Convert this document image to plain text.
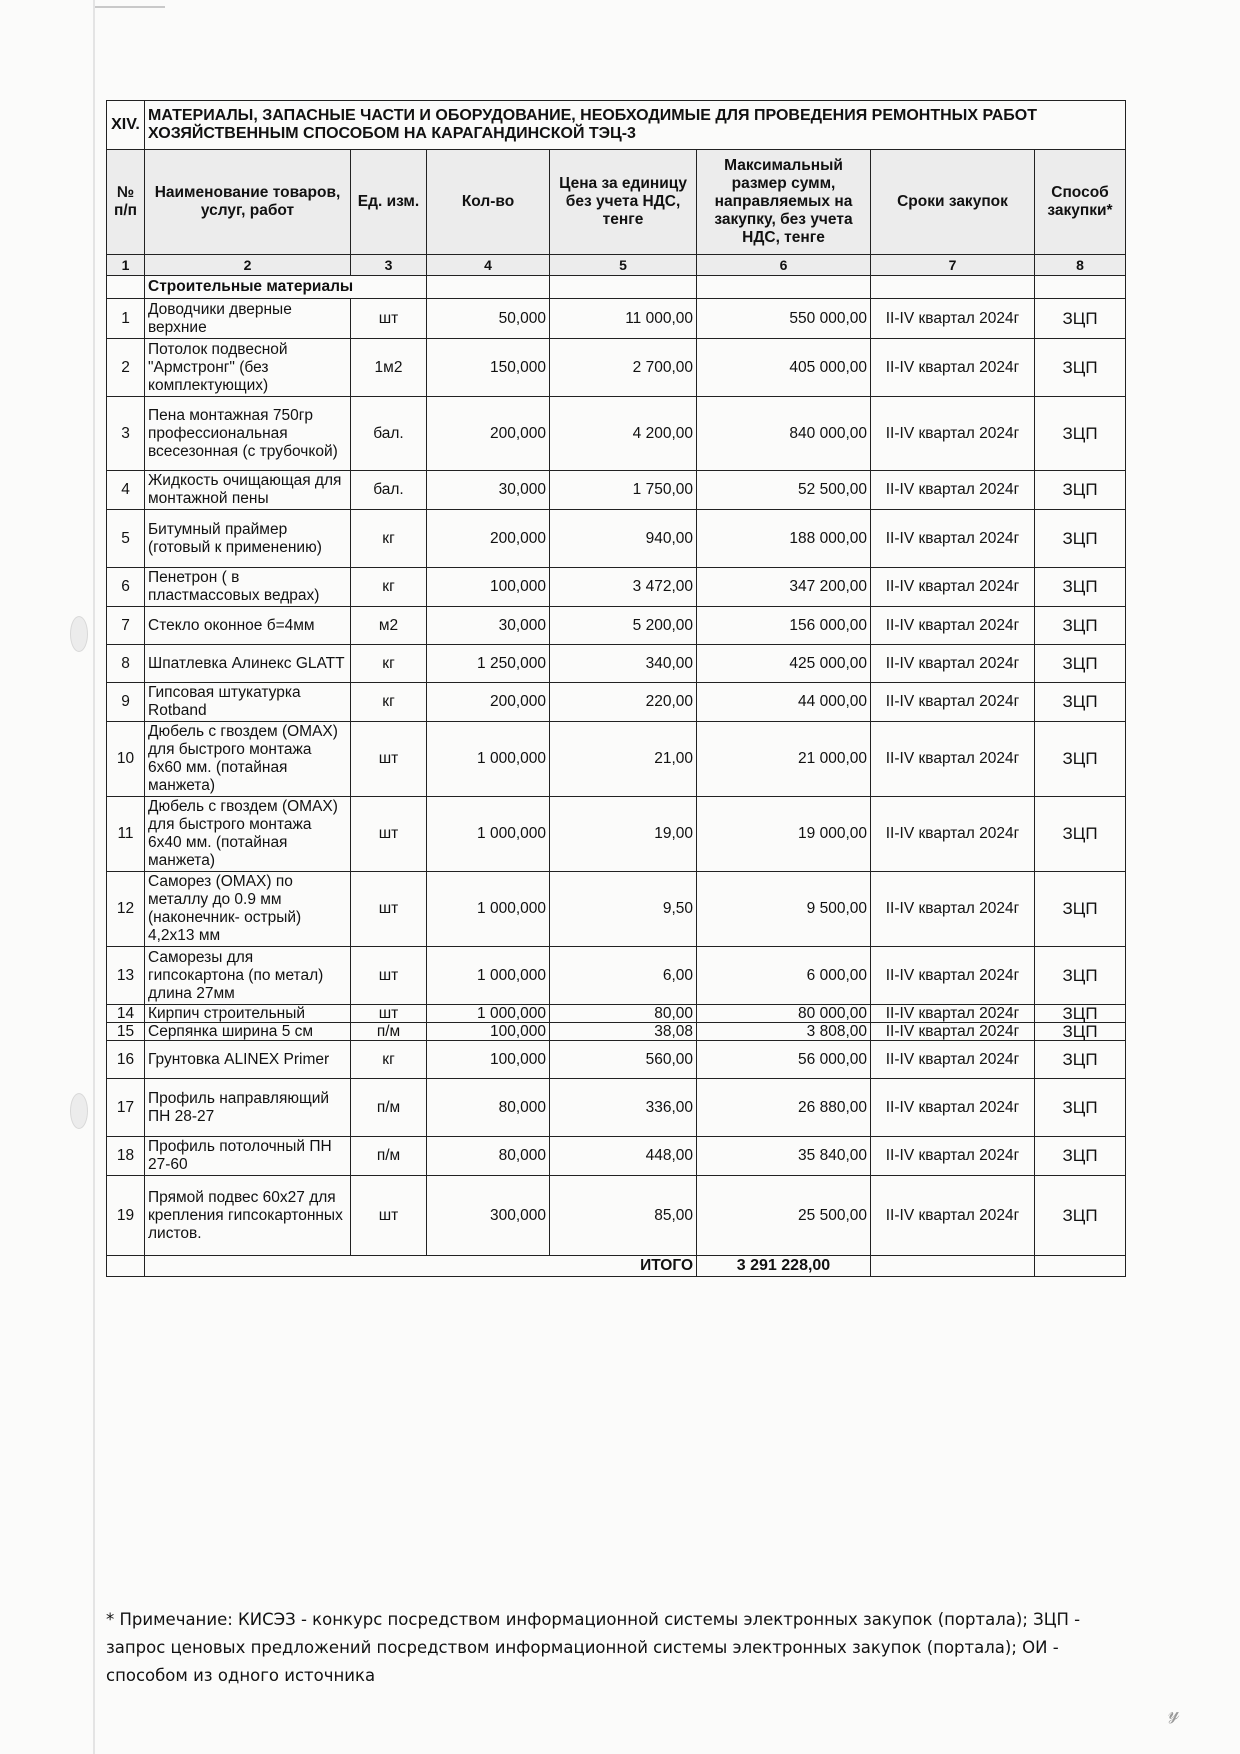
XIV.	МАТЕРИАЛЫ, ЗАПАСНЫЕ ЧАСТИ И ОБОРУДОВАНИЕ, НЕОБХОДИМЫЕ ДЛЯ ПРОВЕДЕНИЯ РЕМОНТНЫХ РАБОТ ХОЗЯЙСТВЕННЫМ СПОСОБОМ НА КАРАГАНДИНСКОЙ ТЭЦ-3						
№ п/п	Наименование товаров, услуг, работ	Ед. изм.	Кол-во	Цена за единицу без учета НДС, тенге	Максимальный размер сумм, направляемых на закупку, без учета НДС, тенге	Сроки закупок	Способ закупки*
1	2	3	4	5	6	7	8
	Строительные материалы						
1	Доводчики дверные верхние	шт	50,000	11 000,00	550 000,00	II-IV квартал 2024г	ЗЦП
2	Потолок подвесной "Армстронг" (без комплектующих)	1м2	150,000	2 700,00	405 000,00	II-IV квартал 2024г	ЗЦП
3	Пена монтажная 750гр профессиональная всесезонная (с трубочкой)	бал.	200,000	4 200,00	840 000,00	II-IV квартал 2024г	ЗЦП
4	Жидкость очищающая для монтажной пены	бал.	30,000	1 750,00	52 500,00	II-IV квартал 2024г	ЗЦП
5	Битумный праймер (готовый к применению)	кг	200,000	940,00	188 000,00	II-IV квартал 2024г	ЗЦП
6	Пенетрон ( в пластмассовых ведрах)	кг	100,000	3 472,00	347 200,00	II-IV квартал 2024г	ЗЦП
7	Стекло оконное б=4мм	м2	30,000	5 200,00	156 000,00	II-IV квартал 2024г	ЗЦП
8	Шпатлевка Алинекс GLATT	кг	1 250,000	340,00	425 000,00	II-IV квартал 2024г	ЗЦП
9	Гипсовая штукатурка Rotband	кг	200,000	220,00	44 000,00	II-IV квартал 2024г	ЗЦП
10	Дюбель с гвоздем (OMAX) для быстрого монтажа 6х60 мм. (потайная манжета)	шт	1 000,000	21,00	21 000,00	II-IV квартал 2024г	ЗЦП
11	Дюбель с гвоздем (OMAX) для быстрого монтажа 6х40 мм. (потайная манжета)	шт	1 000,000	19,00	19 000,00	II-IV квартал 2024г	ЗЦП
12	Саморез (OMAX) по металлу до 0.9 мм (наконечник- острый) 4,2х13 мм	шт	1 000,000	9,50	9 500,00	II-IV квартал 2024г	ЗЦП
13	Саморезы для гипсокартона (по метал) длина 27мм	шт	1 000,000	6,00	6 000,00	II-IV квартал 2024г	ЗЦП
14	Кирпич строительный	шт	1 000,000	80,00	80 000,00	II-IV квартал 2024г	ЗЦП
15	Серпянка ширина 5 см	п/м	100,000	38,08	3 808,00	II-IV квартал 2024г	ЗЦП
16	Грунтовка ALINEX Primer	кг	100,000	560,00	56 000,00	II-IV квартал 2024г	ЗЦП
17	Профиль направляющий ПН 28-27	п/м	80,000	336,00	26 880,00	II-IV квартал 2024г	ЗЦП
18	Профиль потолочный ПН 27-60	п/м	80,000	448,00	35 840,00	II-IV квартал 2024г	ЗЦП
19	Прямой подвес 60х27 для крепления гипсокартонных листов.	шт	300,000	85,00	25 500,00	II-IV квартал 2024г	ЗЦП
	ИТОГО				3 291 228,00		
* Примечание: КИСЭЗ - конкурс посредством информационной системы электронных закупок (портала); ЗЦП - запрос ценовых предложений посредством информационной системы электронных закупок (портала); ОИ - способом из одного источника
𝓎
